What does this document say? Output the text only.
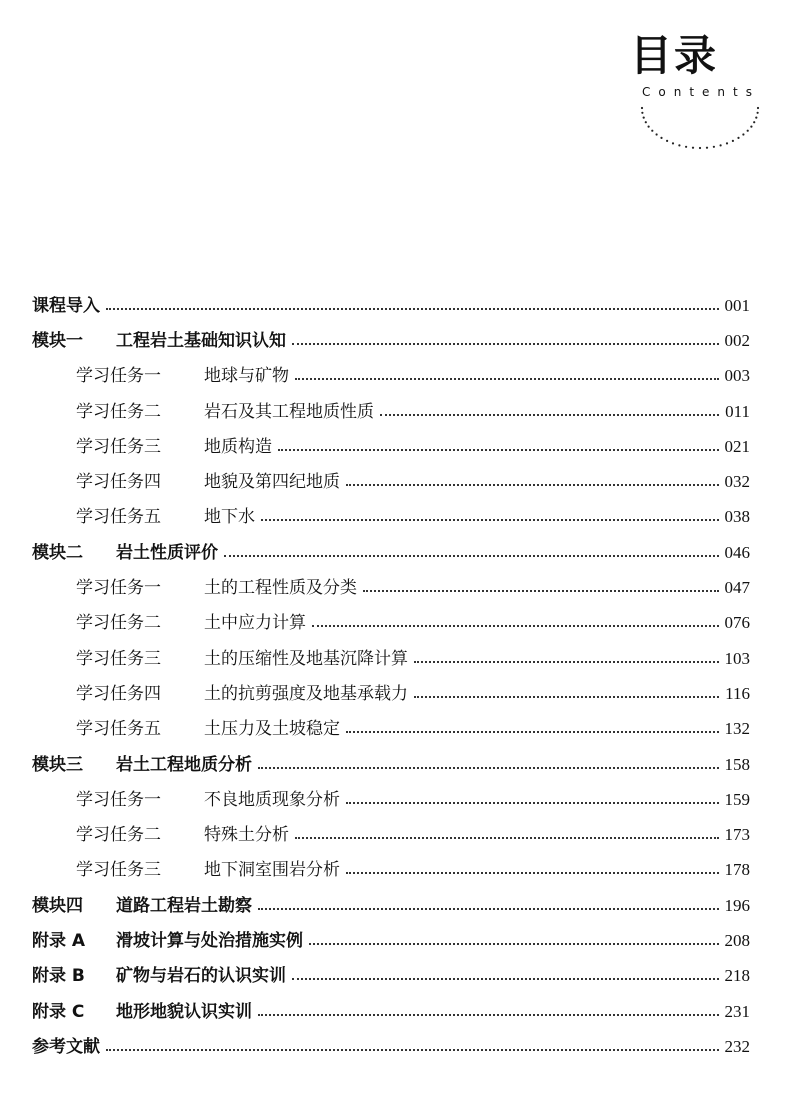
目录
Contents
课程导入	001
模块一	工程岩土基础知识认知	002
学习任务一	地球与矿物	003
学习任务二	岩石及其工程地质性质	011
学习任务三	地质构造	021
学习任务四	地貌及第四纪地质	032
学习任务五	地下水	038
模块二	岩土性质评价	046
学习任务一	土的工程性质及分类	047
学习任务二	土中应力计算	076
学习任务三	土的压缩性及地基沉降计算	103
学习任务四	土的抗剪强度及地基承载力	116
学习任务五	土压力及土坡稳定	132
模块三	岩土工程地质分析	158
学习任务一	不良地质现象分析	159
学习任务二	特殊土分析	173
学习任务三	地下洞室围岩分析	178
模块四	道路工程岩土勘察	196
附录 A	滑坡计算与处治措施实例	208
附录 B	矿物与岩石的认识实训	218
附录 C	地形地貌认识实训	231
参考文献	232
